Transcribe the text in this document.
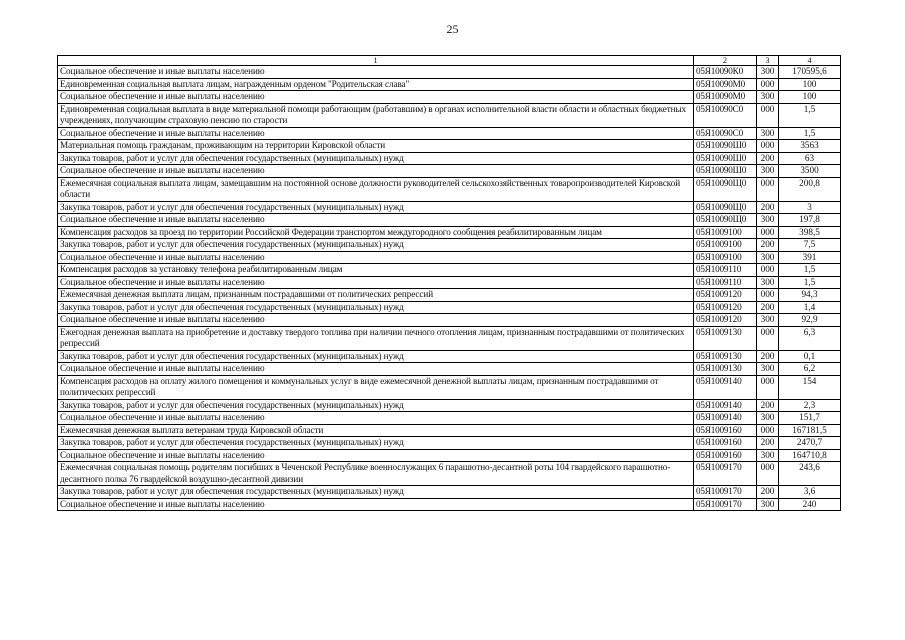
25
1	2	3	4
Социальное обеспечение и иные выплаты населению	05Я10090К0	300	170595,6
Единовременная социальная выплата лицам, награжденным орденом "Родительская слава"	05Я10090М0	000	100
Социальное обеспечение и иные выплаты населению	05Я10090М0	300	100
Единовременная социальная выплата в виде материальной помощи работающим (работавшим) в органах исполнительной власти области и областных бюджетных учреждениях, получающим страховую пенсию по старости	05Я10090С0	000	1,5
Социальное обеспечение и иные выплаты населению	05Я10090С0	300	1,5
Материальная помощь гражданам, проживающим на территории Кировской области	05Я10090Ш0	000	3563
Закупка товаров, работ и услуг для обеспечения государственных (муниципальных) нужд	05Я10090Ш0	200	63
Социальное обеспечение и иные выплаты населению	05Я10090Ш0	300	3500
Ежемесячная социальная выплата лицам, замещавшим на постоянной основе должности руководителей сельскохозяйственных товаропроизводителей Кировской области	05Я10090Щ0	000	200,8
Закупка товаров, работ и услуг для обеспечения государственных (муниципальных) нужд	05Я10090Щ0	200	3
Социальное обеспечение и иные выплаты населению	05Я10090Щ0	300	197,8
Компенсация расходов за проезд по территории Российской Федерации транспортом междугородного сообщения реабилитированным лицам	05Я1009100	000	398,5
Закупка товаров, работ и услуг для обеспечения государственных (муниципальных) нужд	05Я1009100	200	7,5
Социальное обеспечение и иные выплаты населению	05Я1009100	300	391
Компенсация расходов за установку телефона реабилитированным лицам	05Я1009110	000	1,5
Социальное обеспечение и иные выплаты населению	05Я1009110	300	1,5
Ежемесячная денежная выплата лицам, признанным пострадавшими от политических репрессий	05Я1009120	000	94,3
Закупка товаров, работ и услуг для обеспечения государственных (муниципальных) нужд	05Я1009120	200	1,4
Социальное обеспечение и иные выплаты населению	05Я1009120	300	92,9
Ежегодная денежная выплата на приобретение и доставку твердого топлива при наличии печного отопления лицам, признанным пострадавшими от политических репрессий	05Я1009130	000	6,3
Закупка товаров, работ и услуг для обеспечения государственных (муниципальных) нужд	05Я1009130	200	0,1
Социальное обеспечение и иные выплаты населению	05Я1009130	300	6,2
Компенсация расходов на оплату жилого помещения и коммунальных услуг в виде ежемесячной денежной выплаты лицам, признанным пострадавшими от политических репрессий	05Я1009140	000	154
Закупка товаров, работ и услуг для обеспечения государственных (муниципальных) нужд	05Я1009140	200	2,3
Социальное обеспечение и иные выплаты населению	05Я1009140	300	151,7
Ежемесячная денежная выплата ветеранам труда Кировской области	05Я1009160	000	167181,5
Закупка товаров, работ и услуг для обеспечения государственных (муниципальных) нужд	05Я1009160	200	2470,7
Социальное обеспечение и иные выплаты населению	05Я1009160	300	164710,8
Ежемесячная социальная помощь родителям погибших в Чеченской Республике военнослужащих 6 парашютно-десантной роты 104 гвардейского парашютно-десантного полка 76 гвардейской воздушно-десантной дивизии	05Я1009170	000	243,6
Закупка товаров, работ и услуг для обеспечения государственных (муниципальных) нужд	05Я1009170	200	3,6
Социальное обеспечение и иные выплаты населению	05Я1009170	300	240
